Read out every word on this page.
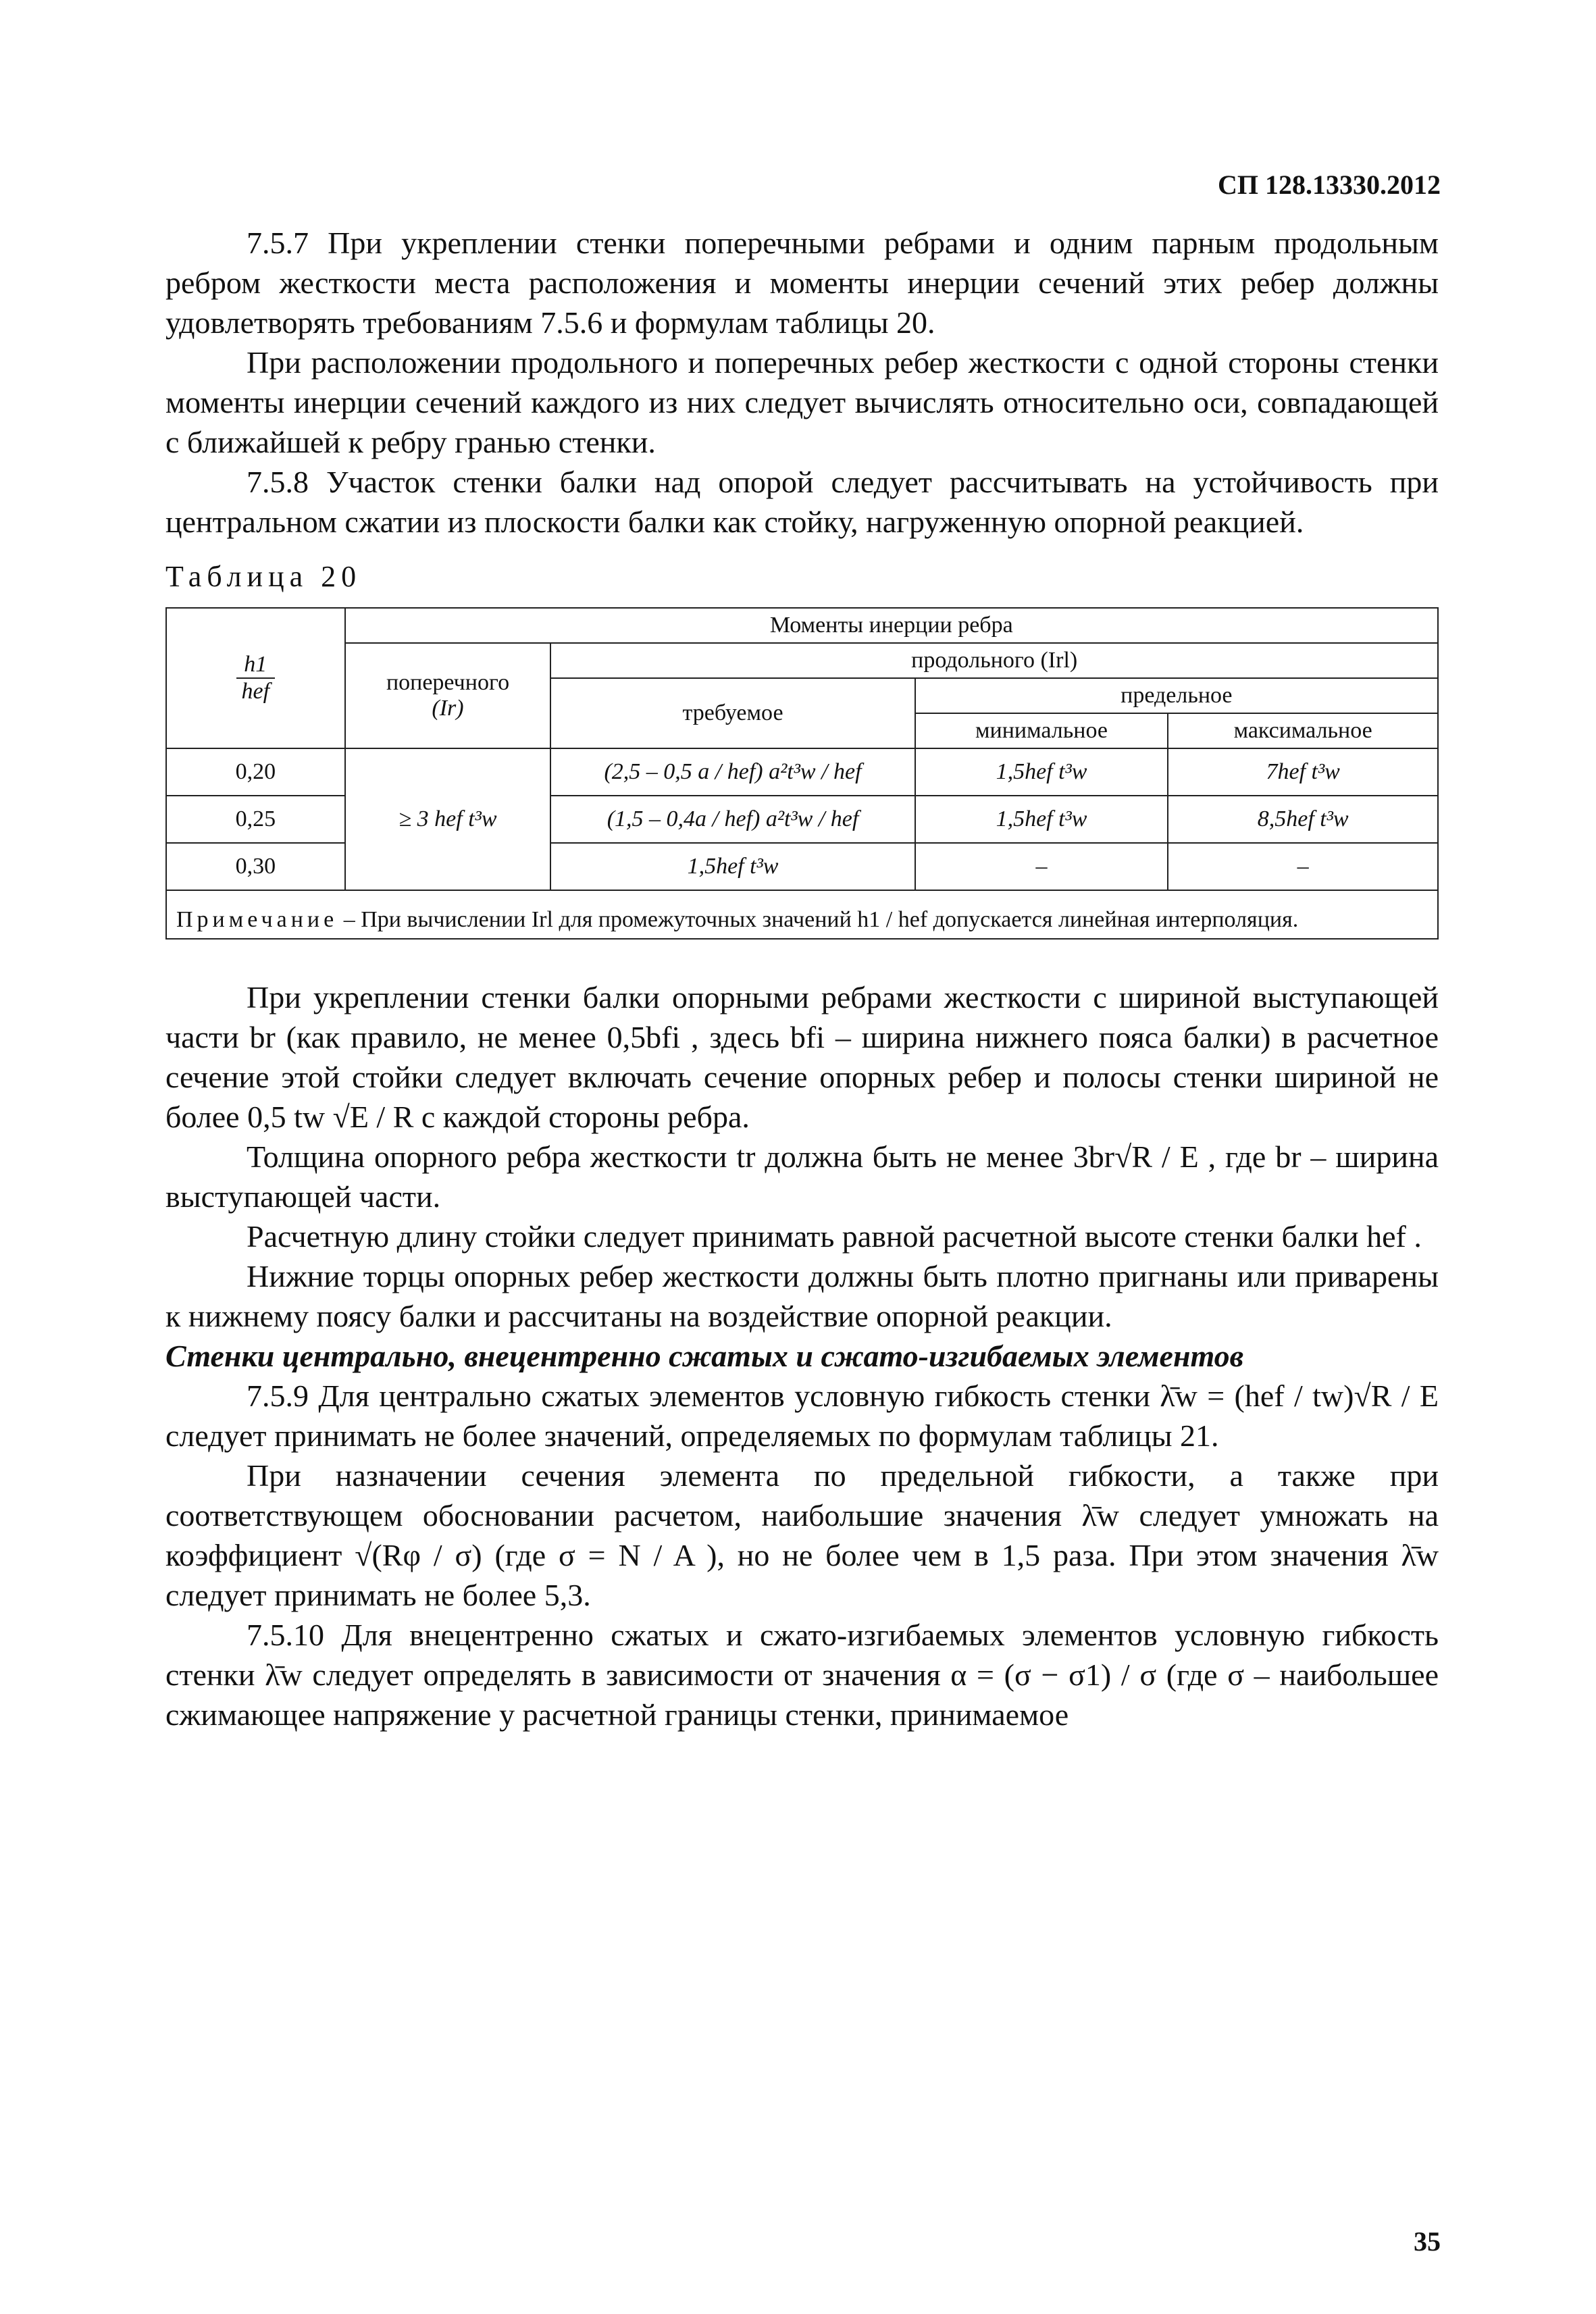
СП 128.13330.2012

7.5.7 При укреплении стенки поперечными ребрами и одним парным продольным ребром жесткости места расположения и моменты инерции сечений этих ребер должны удовлетворять требованиям 7.5.6 и формулам таблицы 20.

При расположении продольного и поперечных ребер жесткости с одной стороны стенки моменты инерции сечений каждого из них следует вычислять относительно оси, совпадающей с ближайшей к ребру гранью стенки.

7.5.8 Участок стенки балки над опорой следует рассчитывать на устойчивость при центральном сжатии из плоскости балки как стойку, нагруженную опорной реакцией.

Таблица 20
$\frac{h1}{\text{hef}}$	Моменты инерции ребра			
	поперечного
(Ir)	продольного (Irl)		
		требуемое	предельное	
			минимальное	максимальное
0,20	≥ 3 hef t³w	(2,5 – 0,5 a / hef) a²t³w / hef	1,5hef t³w	7hef t³w
0,25		(1,5 – 0,4a / hef) a²t³w / hef	1,5hef t³w	8,5hef t³w
0,30		1,5hef t³w	–	–
Примечание – При вычислении Irl для промежуточных значений h1 / hef допускается линейная интерполяция.				

При укреплении стенки балки опорными ребрами жесткости с шириной выступающей части br (как правило, не менее 0,5bfi , здесь bfi – ширина нижнего пояса балки) в расчетное сечение этой стойки следует включать сечение опорных ребер и полосы стенки шириной не более 0,5 tw √E / R с каждой стороны ребра.

Толщина опорного ребра жесткости tr должна быть не менее 3br√R / E , где br – ширина выступающей части.

Расчетную длину стойки следует принимать равной расчетной высоте стенки балки hef .

Нижние торцы опорных ребер жесткости должны быть плотно пригнаны или приварены к нижнему поясу балки и рассчитаны на воздействие опорной реакции.

Стенки центрально, внецентренно сжатых и сжато-изгибаемых элементов

7.5.9 Для центрально сжатых элементов условную гибкость стенки λ̄w = (hef / tw)√R / E следует принимать не более значений, определяемых по формулам таблицы 21.

При назначении сечения элемента по предельной гибкости, а также при соответствующем обосновании расчетом, наибольшие значения λ̄w следует умножать на коэффициент √(Rφ / σ) (где σ = N / A ), но не более чем в 1,5 раза. При этом значения λ̄w следует принимать не более 5,3.

7.5.10 Для внецентренно сжатых и сжато-изгибаемых элементов условную гибкость стенки λ̄w следует определять в зависимости от значения α = (σ − σ1) / σ (где σ – наибольшее сжимающее напряжение у расчетной границы стенки, принимаемое

35
